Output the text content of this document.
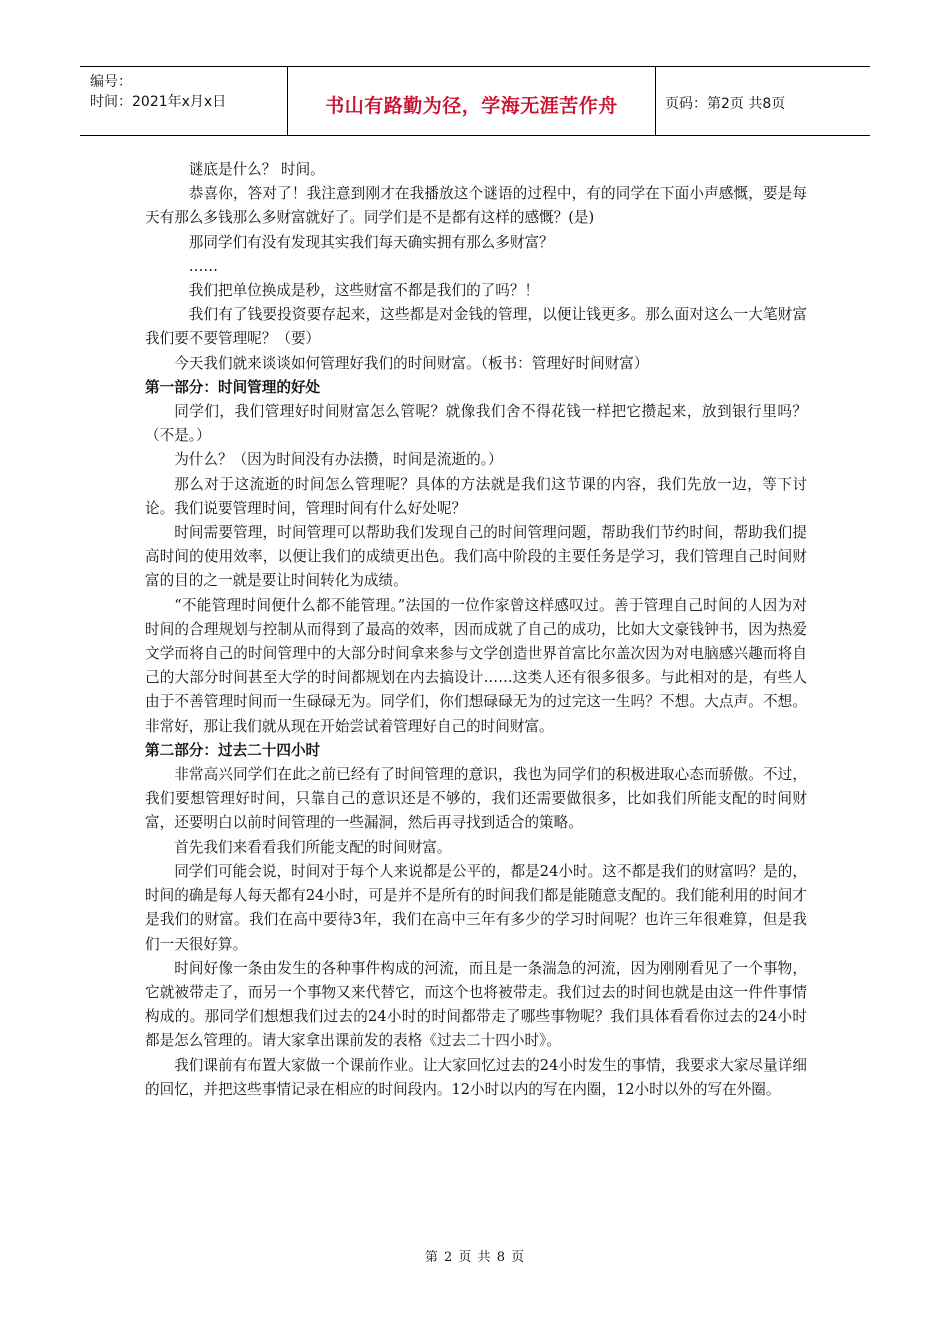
编号：
时间：2021年x月x日	书山有路勤为径，学海无涯苦作舟	页码：第2页 共8页

谜底是什么？ 时间。

恭喜你，答对了！我注意到刚才在我播放这个谜语的过程中，有的同学在下面小声感慨，要是每天有那么多钱那么多财富就好了。同学们是不是都有这样的感慨？(是)

那同学们有没有发现其实我们每天确实拥有那么多财富？

……

我们把单位换成是秒，这些财富不都是我们的了吗？！

我们有了钱要投资要存起来，这些都是对金钱的管理，以便让钱更多。那么面对这么一大笔财富我们要不要管理呢？（要）

今天我们就来谈谈如何管理好我们的时间财富。（板书：管理好时间财富）

第一部分：时间管理的好处

同学们，我们管理好时间财富怎么管呢？就像我们舍不得花钱一样把它攒起来，放到银行里吗？（不是。）

为什么？（因为时间没有办法攒，时间是流逝的。）

那么对于这流逝的时间怎么管理呢？具体的方法就是我们这节课的内容，我们先放一边，等下讨论。我们说要管理时间，管理时间有什么好处呢？

时间需要管理，时间管理可以帮助我们发现自己的时间管理问题，帮助我们节约时间，帮助我们提高时间的使用效率，以便让我们的成绩更出色。我们高中阶段的主要任务是学习，我们管理自己时间财富的目的之一就是要让时间转化为成绩。

“不能管理时间便什么都不能管理。”法国的一位作家曾这样感叹过。善于管理自己时间的人因为对时间的合理规划与控制从而得到了最高的效率，因而成就了自己的成功，比如大文豪钱钟书，因为热爱文学而将自己的时间管理中的大部分时间拿来参与文学创造世界首富比尔盖次因为对电脑感兴趣而将自己的大部分时间甚至大学的时间都规划在内去搞设计……这类人还有很多很多。与此相对的是，有些人由于不善管理时间而一生碌碌无为。同学们，你们想碌碌无为的过完这一生吗？不想。大点声。不想。非常好，那让我们就从现在开始尝试着管理好自己的时间财富。

第二部分：过去二十四小时

非常高兴同学们在此之前已经有了时间管理的意识，我也为同学们的积极进取心态而骄傲。不过，我们要想管理好时间，只靠自己的意识还是不够的，我们还需要做很多，比如我们所能支配的时间财富，还要明白以前时间管理的一些漏洞，然后再寻找到适合的策略。

首先我们来看看我们所能支配的时间财富。

同学们可能会说，时间对于每个人来说都是公平的，都是24小时。这不都是我们的财富吗？是的，时间的确是每人每天都有24小时，可是并不是所有的时间我们都是能随意支配的。我们能利用的时间才是我们的财富。我们在高中要待3年，我们在高中三年有多少的学习时间呢？也许三年很难算，但是我们一天很好算。

时间好像一条由发生的各种事件构成的河流，而且是一条湍急的河流，因为刚刚看见了一个事物，它就被带走了，而另一个事物又来代替它，而这个也将被带走。我们过去的时间也就是由这一件件事情构成的。那同学们想想我们过去的24小时的时间都带走了哪些事物呢？我们具体看看你过去的24小时都是怎么管理的。请大家拿出课前发的表格《过去二十四小时》。

我们课前有布置大家做一个课前作业。让大家回忆过去的24小时发生的事情，我要求大家尽量详细的回忆，并把这些事情记录在相应的时间段内。12小时以内的写在内圈，12小时以外的写在外圈。

第 2 页 共 8 页
